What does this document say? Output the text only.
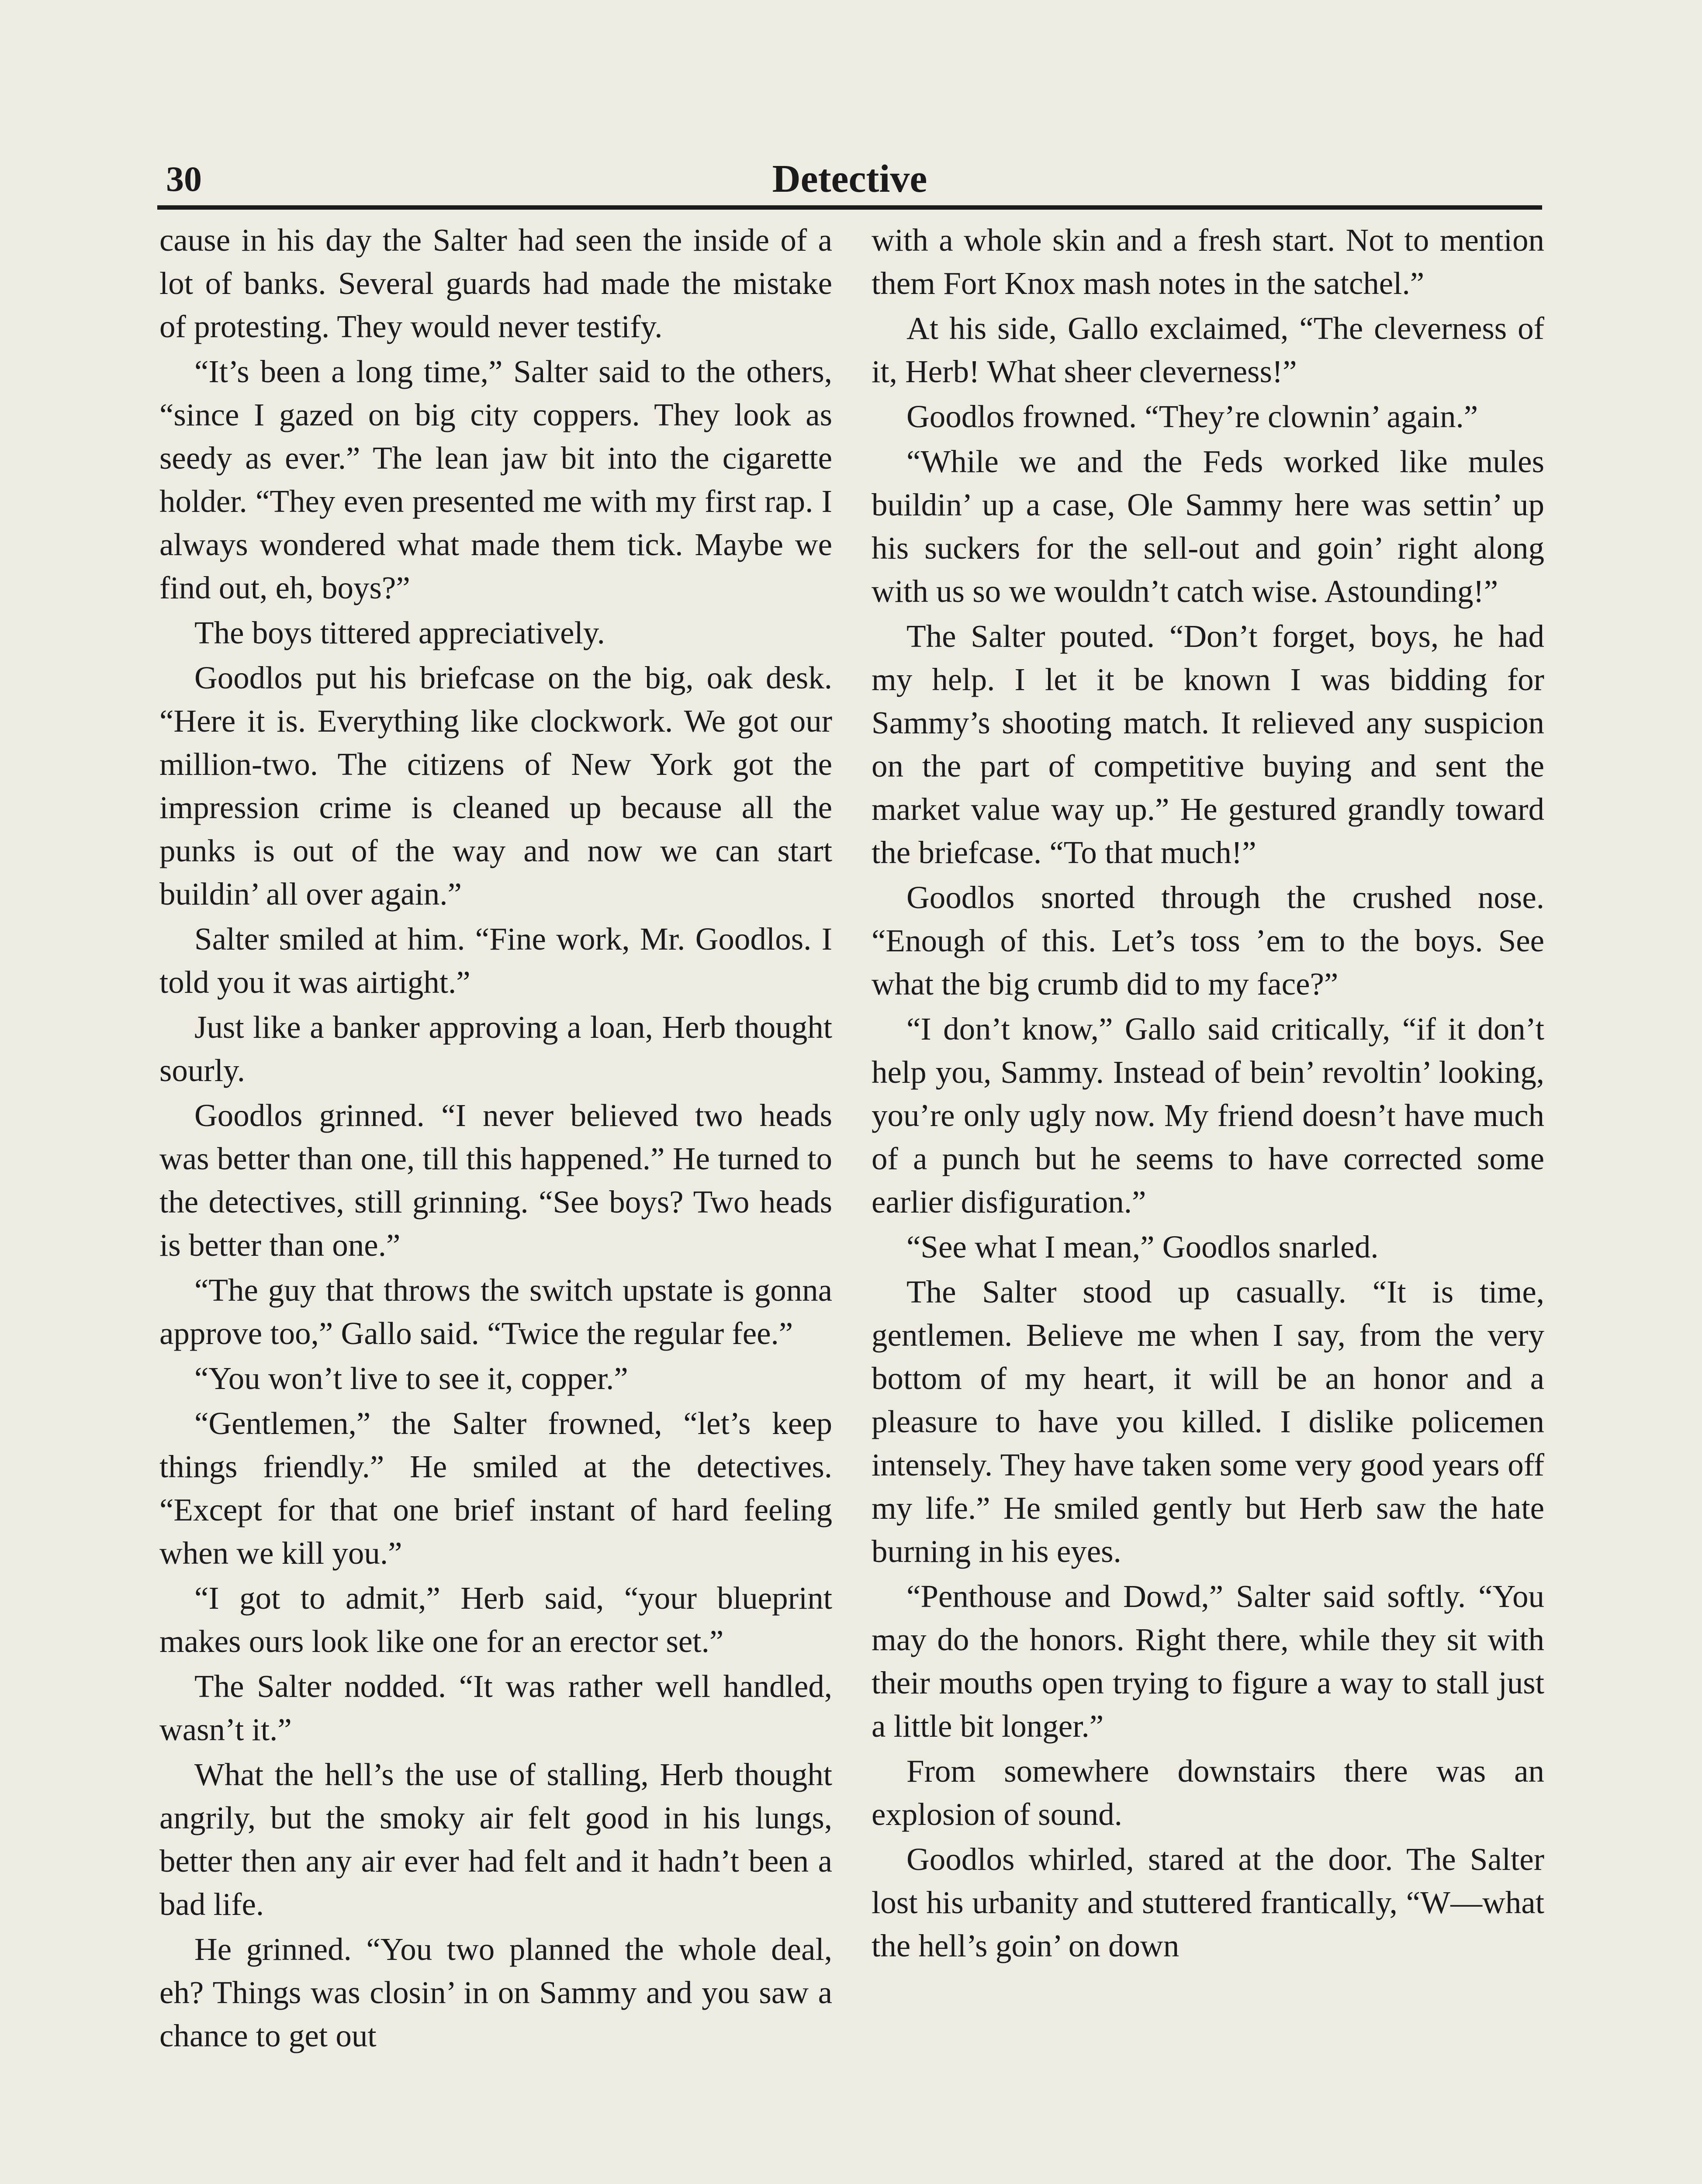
30	Detective

cause in his day the Salter had seen the inside of a lot of banks. Several guards had made the mistake of protesting. They would never testify.

“It’s been a long time,” Salter said to the others, “since I gazed on big city coppers. They look as seedy as ever.” The lean jaw bit into the cigarette holder. “They even presented me with my first rap. I always wondered what made them tick. Maybe we find out, eh, boys?”

The boys tittered appreciatively.

Goodlos put his briefcase on the big, oak desk. “Here it is. Everything like clockwork. We got our million-two. The citizens of New York got the impression crime is cleaned up because all the punks is out of the way and now we can start buildin’ all over again.”

Salter smiled at him. “Fine work, Mr. Goodlos. I told you it was airtight.”

Just like a banker approving a loan, Herb thought sourly.

Goodlos grinned. “I never believed two heads was better than one, till this happened.” He turned to the detectives, still grinning. “See boys? Two heads is better than one.”

“The guy that throws the switch upstate is gonna approve too,” Gallo said. “Twice the regular fee.”

“You won’t live to see it, copper.”

“Gentlemen,” the Salter frowned, “let’s keep things friendly.” He smiled at the detectives. “Except for that one brief instant of hard feeling when we kill you.”

“I got to admit,” Herb said, “your blueprint makes ours look like one for an erector set.”

The Salter nodded. “It was rather well handled, wasn’t it.”

What the hell’s the use of stalling, Herb thought angrily, but the smoky air felt good in his lungs, better then any air ever had felt and it hadn’t been a bad life.

He grinned. “You two planned the whole deal, eh? Things was closin’ in on Sammy and you saw a chance to get out

with a whole skin and a fresh start. Not to mention them Fort Knox mash notes in the satchel.”

At his side, Gallo exclaimed, “The cleverness of it, Herb! What sheer cleverness!”

Goodlos frowned. “They’re clownin’ again.”

“While we and the Feds worked like mules buildin’ up a case, Ole Sammy here was settin’ up his suckers for the sell-out and goin’ right along with us so we wouldn’t catch wise. Astounding!”

The Salter pouted. “Don’t forget, boys, he had my help. I let it be known I was bidding for Sammy’s shooting match. It relieved any suspicion on the part of competitive buying and sent the market value way up.” He gestured grandly toward the briefcase. “To that much!”

Goodlos snorted through the crushed nose. “Enough of this. Let’s toss ’em to the boys. See what the big crumb did to my face?”

“I don’t know,” Gallo said critically, “if it don’t help you, Sammy. Instead of bein’ revoltin’ looking, you’re only ugly now. My friend doesn’t have much of a punch but he seems to have corrected some earlier disfiguration.”

“See what I mean,” Goodlos snarled.

The Salter stood up casually. “It is time, gentlemen. Believe me when I say, from the very bottom of my heart, it will be an honor and a pleasure to have you killed. I dislike policemen intensely. They have taken some very good years off my life.” He smiled gently but Herb saw the hate burning in his eyes.

“Penthouse and Dowd,” Salter said softly. “You may do the honors. Right there, while they sit with their mouths open trying to figure a way to stall just a little bit longer.”

From somewhere downstairs there was an explosion of sound.

Goodlos whirled, stared at the door. The Salter lost his urbanity and stuttered frantically, “W—what the hell’s goin’ on down
